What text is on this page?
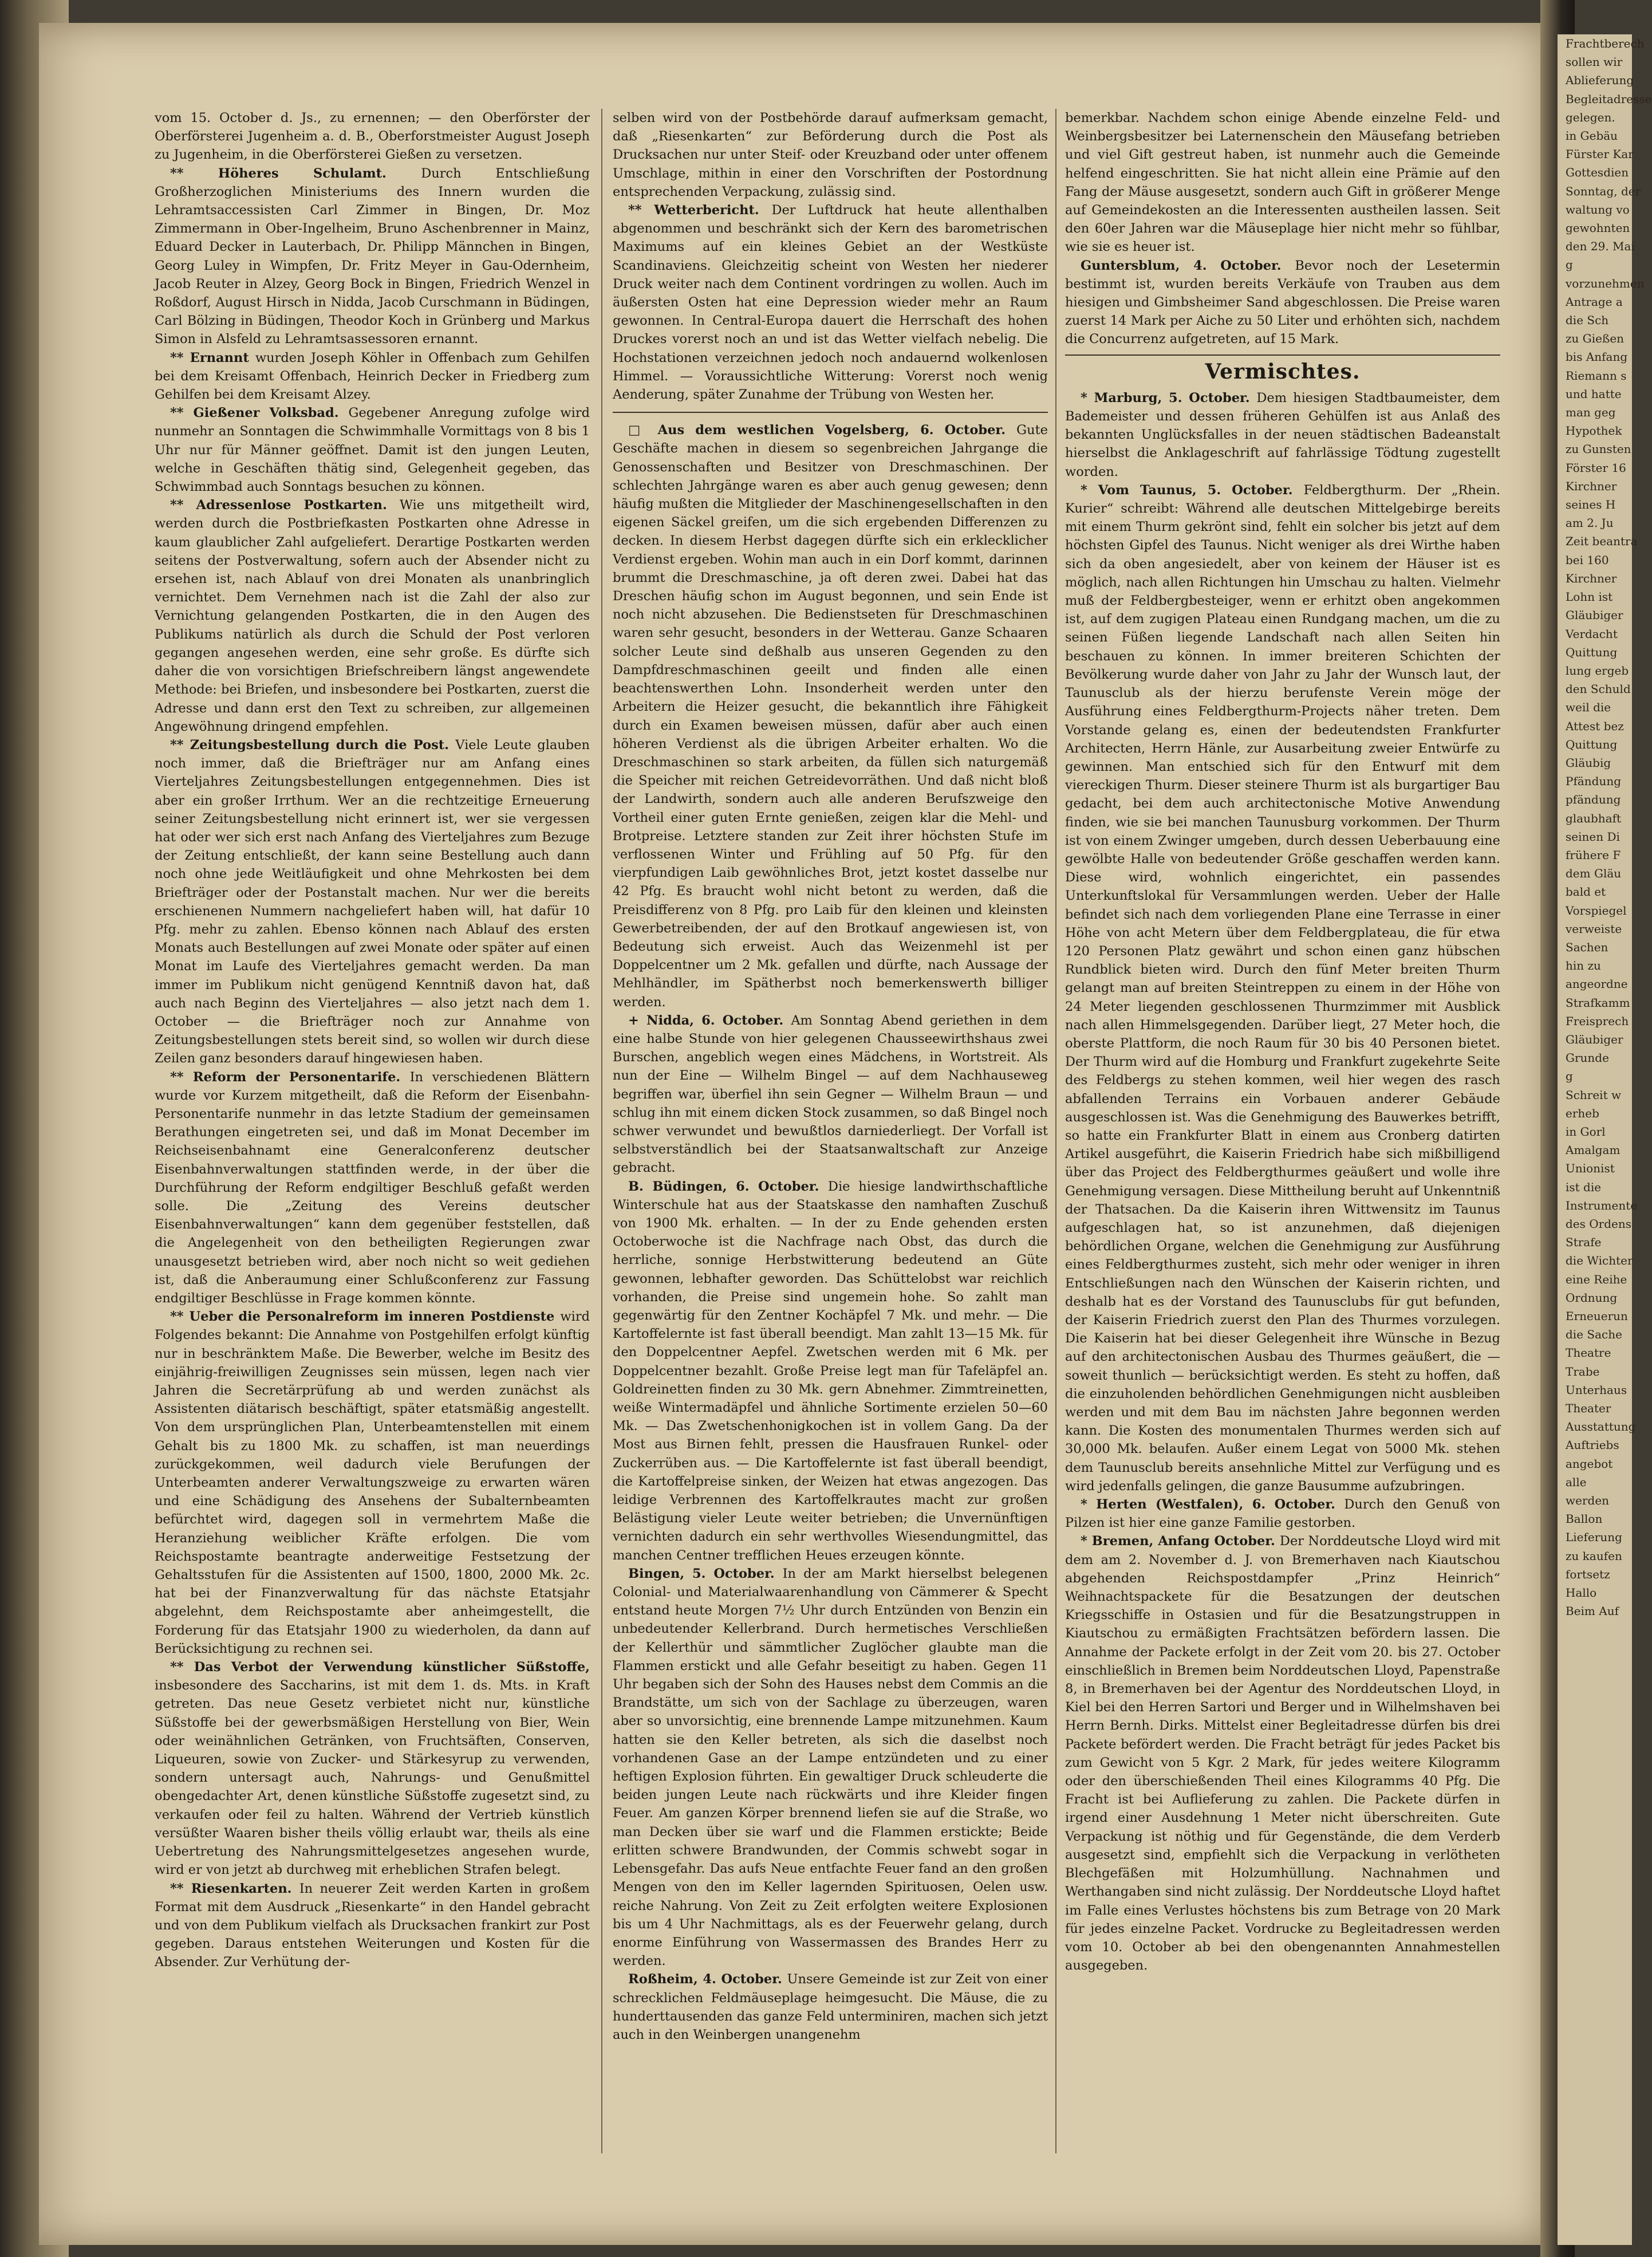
vom 15. October d. Js., zu ernennen; — den Oberförster der Oberförsterei Jugenheim a. d. B., Oberforstmeister August Joseph zu Jugenheim, in die Oberförsterei Gießen zu versetzen.

** Höheres Schulamt. Durch Entschließung Großherzoglichen Ministeriums des Innern wurden die Lehramtsaccessisten Carl Zimmer in Bingen, Dr. Moz Zimmermann in Ober-Ingelheim, Bruno Aschenbrenner in Mainz, Eduard Decker in Lauterbach, Dr. Philipp Männchen in Bingen, Georg Luley in Wimpfen, Dr. Fritz Meyer in Gau-Odernheim, Jacob Reuter in Alzey, Georg Bock in Bingen, Friedrich Wenzel in Roßdorf, August Hirsch in Nidda, Jacob Curschmann in Büdingen, Carl Bölzing in Büdingen, Theodor Koch in Grünberg und Markus Simon in Alsfeld zu Lehramtsassessoren ernannt.

** Ernannt wurden Joseph Köhler in Offenbach zum Gehilfen bei dem Kreisamt Offenbach, Heinrich Decker in Friedberg zum Gehilfen bei dem Kreisamt Alzey.

** Gießener Volksbad. Gegebener Anregung zufolge wird nunmehr an Sonntagen die Schwimmhalle Vormittags von 8 bis 1 Uhr nur für Männer geöffnet. Damit ist den jungen Leuten, welche in Geschäften thätig sind, Gelegenheit gegeben, das Schwimmbad auch Sonntags besuchen zu können.

** Adressenlose Postkarten. Wie uns mitgetheilt wird, werden durch die Postbriefkasten Postkarten ohne Adresse in kaum glaublicher Zahl aufgeliefert. Derartige Postkarten werden seitens der Postverwaltung, sofern auch der Absender nicht zu ersehen ist, nach Ablauf von drei Monaten als unanbringlich vernichtet. Dem Vernehmen nach ist die Zahl der also zur Vernichtung gelangenden Postkarten, die in den Augen des Publikums natürlich als durch die Schuld der Post verloren gegangen angesehen werden, eine sehr große. Es dürfte sich daher die von vorsichtigen Briefschreibern längst angewendete Methode: bei Briefen, und insbesondere bei Postkarten, zuerst die Adresse und dann erst den Text zu schreiben, zur allgemeinen Angewöhnung dringend empfehlen.

** Zeitungsbestellung durch die Post. Viele Leute glauben noch immer, daß die Briefträger nur am Anfang eines Vierteljahres Zeitungsbestellungen entgegennehmen. Dies ist aber ein großer Irrthum. Wer an die rechtzeitige Erneuerung seiner Zeitungsbestellung nicht erinnert ist, wer sie vergessen hat oder wer sich erst nach Anfang des Vierteljahres zum Bezuge der Zeitung entschließt, der kann seine Bestellung auch dann noch ohne jede Weitläufigkeit und ohne Mehrkosten bei dem Briefträger oder der Postanstalt machen. Nur wer die bereits erschienenen Nummern nachgeliefert haben will, hat dafür 10 Pfg. mehr zu zahlen. Ebenso können nach Ablauf des ersten Monats auch Bestellungen auf zwei Monate oder später auf einen Monat im Laufe des Vierteljahres gemacht werden. Da man immer im Publikum nicht genügend Kenntniß davon hat, daß auch nach Beginn des Vierteljahres — also jetzt nach dem 1. October — die Briefträger noch zur Annahme von Zeitungsbestellungen stets bereit sind, so wollen wir durch diese Zeilen ganz besonders darauf hingewiesen haben.

** Reform der Personentarife. In verschiedenen Blättern wurde vor Kurzem mitgetheilt, daß die Reform der Eisenbahn-Personentarife nunmehr in das letzte Stadium der gemeinsamen Berathungen eingetreten sei, und daß im Monat December im Reichseisenbahnamt eine Generalconferenz deutscher Eisenbahnverwaltungen stattfinden werde, in der über die Durchführung der Reform endgiltiger Beschluß gefaßt werden solle. Die „Zeitung des Vereins deutscher Eisenbahnverwaltungen“ kann dem gegenüber feststellen, daß die Angelegenheit von den betheiligten Regierungen zwar unausgesetzt betrieben wird, aber noch nicht so weit gediehen ist, daß die Anberaumung einer Schlußconferenz zur Fassung endgiltiger Beschlüsse in Frage kommen könnte.

** Ueber die Personalreform im inneren Postdienste wird Folgendes bekannt: Die Annahme von Postgehilfen erfolgt künftig nur in beschränktem Maße. Die Bewerber, welche im Besitz des einjährig-freiwilligen Zeugnisses sein müssen, legen nach vier Jahren die Secretärprüfung ab und werden zunächst als Assistenten diätarisch beschäftigt, später etatsmäßig angestellt. Von dem ursprünglichen Plan, Unterbeamtenstellen mit einem Gehalt bis zu 1800 Mk. zu schaffen, ist man neuerdings zurückgekommen, weil dadurch viele Berufungen der Unterbeamten anderer Verwaltungszweige zu erwarten wären und eine Schädigung des Ansehens der Subalternbeamten befürchtet wird, dagegen soll in vermehrtem Maße die Heranziehung weiblicher Kräfte erfolgen. Die vom Reichspostamte beantragte anderweitige Festsetzung der Gehaltsstufen für die Assistenten auf 1500, 1800, 2000 Mk. 2c. hat bei der Finanzverwaltung für das nächste Etatsjahr abgelehnt, dem Reichspostamte aber anheimgestellt, die Forderung für das Etatsjahr 1900 zu wiederholen, da dann auf Berücksichtigung zu rechnen sei.

** Das Verbot der Verwendung künstlicher Süßstoffe, insbesondere des Saccharins, ist mit dem 1. ds. Mts. in Kraft getreten. Das neue Gesetz verbietet nicht nur, künstliche Süßstoffe bei der gewerbsmäßigen Herstellung von Bier, Wein oder weinähnlichen Getränken, von Fruchtsäften, Conserven, Liqueuren, sowie von Zucker- und Stärkesyrup zu verwenden, sondern untersagt auch, Nahrungs- und Genußmittel obengedachter Art, denen künstliche Süßstoffe zugesetzt sind, zu verkaufen oder feil zu halten. Während der Vertrieb künstlich versüßter Waaren bisher theils völlig erlaubt war, theils als eine Uebertretung des Nahrungsmittelgesetzes angesehen wurde, wird er von jetzt ab durchweg mit erheblichen Strafen belegt.

** Riesenkarten. In neuerer Zeit werden Karten in großem Format mit dem Ausdruck „Riesenkarte“ in den Handel gebracht und von dem Publikum vielfach als Drucksachen frankirt zur Post gegeben. Daraus entstehen Weiterungen und Kosten für die Absender. Zur Verhütung der-

selben wird von der Postbehörde darauf aufmerksam gemacht, daß „Riesenkarten“ zur Beförderung durch die Post als Drucksachen nur unter Steif- oder Kreuzband oder unter offenem Umschlage, mithin in einer den Vorschriften der Postordnung entsprechenden Verpackung, zulässig sind.

** Wetterbericht. Der Luftdruck hat heute allenthalben abgenommen und beschränkt sich der Kern des barometrischen Maximums auf ein kleines Gebiet an der Westküste Scandinaviens. Gleichzeitig scheint von Westen her niederer Druck weiter nach dem Continent vordringen zu wollen. Auch im äußersten Osten hat eine Depression wieder mehr an Raum gewonnen. In Central-Europa dauert die Herrschaft des hohen Druckes vorerst noch an und ist das Wetter vielfach nebelig. Die Hochstationen verzeichnen jedoch noch andauernd wolkenlosen Himmel. — Voraussichtliche Witterung: Vorerst noch wenig Aenderung, später Zunahme der Trübung von Westen her.

□ Aus dem westlichen Vogelsberg, 6. October. Gute Geschäfte machen in diesem so segenbreichen Jahrgange die Genossenschaften und Besitzer von Dreschmaschinen. Der schlechten Jahrgänge waren es aber auch genug gewesen; denn häufig mußten die Mitglieder der Maschinengesellschaften in den eigenen Säckel greifen, um die sich ergebenden Differenzen zu decken. In diesem Herbst dagegen dürfte sich ein erklecklicher Verdienst ergeben. Wohin man auch in ein Dorf kommt, darinnen brummt die Dreschmaschine, ja oft deren zwei. Dabei hat das Dreschen häufig schon im August begonnen, und sein Ende ist noch nicht abzusehen. Die Bedienstseten für Dreschmaschinen waren sehr gesucht, besonders in der Wetterau. Ganze Schaaren solcher Leute sind deßhalb aus unseren Gegenden zu den Dampfdreschmaschinen geeilt und finden alle einen beachtenswerthen Lohn. Insonderheit werden unter den Arbeitern die Heizer gesucht, die bekanntlich ihre Fähigkeit durch ein Examen beweisen müssen, dafür aber auch einen höheren Verdienst als die übrigen Arbeiter erhalten. Wo die Dreschmaschinen so stark arbeiten, da füllen sich naturgemäß die Speicher mit reichen Getreidevorräthen. Und daß nicht bloß der Landwirth, sondern auch alle anderen Berufszweige den Vortheil einer guten Ernte genießen, zeigen klar die Mehl- und Brotpreise. Letztere standen zur Zeit ihrer höchsten Stufe im verflossenen Winter und Frühling auf 50 Pfg. für den vierpfundigen Laib gewöhnliches Brot, jetzt kostet dasselbe nur 42 Pfg. Es braucht wohl nicht betont zu werden, daß die Preisdifferenz von 8 Pfg. pro Laib für den kleinen und kleinsten Gewerbetreibenden, der auf den Brotkauf angewiesen ist, von Bedeutung sich erweist. Auch das Weizenmehl ist per Doppelcentner um 2 Mk. gefallen und dürfte, nach Aussage der Mehlhändler, im Spätherbst noch bemerkenswerth billiger werden.

+ Nidda, 6. October. Am Sonntag Abend geriethen in dem eine halbe Stunde von hier gelegenen Chausseewirthshaus zwei Burschen, angeblich wegen eines Mädchens, in Wortstreit. Als nun der Eine — Wilhelm Bingel — auf dem Nachhauseweg begriffen war, überfiel ihn sein Gegner — Wilhelm Braun — und schlug ihn mit einem dicken Stock zusammen, so daß Bingel noch schwer verwundet und bewußtlos darniederliegt. Der Vorfall ist selbstverständlich bei der Staatsanwaltschaft zur Anzeige gebracht.

B. Büdingen, 6. October. Die hiesige landwirthschaftliche Winterschule hat aus der Staatskasse den namhaften Zuschuß von 1900 Mk. erhalten. — In der zu Ende gehenden ersten Octoberwoche ist die Nachfrage nach Obst, das durch die herrliche, sonnige Herbstwitterung bedeutend an Güte gewonnen, lebhafter geworden. Das Schüttelobst war reichlich vorhanden, die Preise sind ungemein hohe. So zahlt man gegenwärtig für den Zentner Kochäpfel 7 Mk. und mehr. — Die Kartoffelernte ist fast überall beendigt. Man zahlt 13—15 Mk. für den Doppelcentner Aepfel. Zwetschen werden mit 6 Mk. per Doppelcentner bezahlt. Große Preise legt man für Tafeläpfel an. Goldreinetten finden zu 30 Mk. gern Abnehmer. Zimmtreinetten, weiße Wintermadäpfel und ähnliche Sortimente erzielen 50—60 Mk. — Das Zwetschenhonigkochen ist in vollem Gang. Da der Most aus Birnen fehlt, pressen die Hausfrauen Runkel- oder Zuckerrüben aus. — Die Kartoffelernte ist fast überall beendigt, die Kartoffelpreise sinken, der Weizen hat etwas angezogen. Das leidige Verbrennen des Kartoffelkrautes macht zur großen Belästigung vieler Leute weiter betrieben; die Unvernünftigen vernichten dadurch ein sehr werthvolles Wiesendungmittel, das manchen Centner trefflichen Heues erzeugen könnte.

Bingen, 5. October. In der am Markt hierselbst belegenen Colonial- und Materialwaarenhandlung von Cämmerer & Specht entstand heute Morgen 7½ Uhr durch Entzünden von Benzin ein unbedeutender Kellerbrand. Durch hermetisches Verschließen der Kellerthür und sämmtlicher Zuglöcher glaubte man die Flammen erstickt und alle Gefahr beseitigt zu haben. Gegen 11 Uhr begaben sich der Sohn des Hauses nebst dem Commis an die Brandstätte, um sich von der Sachlage zu überzeugen, waren aber so unvorsichtig, eine brennende Lampe mitzunehmen. Kaum hatten sie den Keller betreten, als sich die daselbst noch vorhandenen Gase an der Lampe entzündeten und zu einer heftigen Explosion führten. Ein gewaltiger Druck schleuderte die beiden jungen Leute nach rückwärts und ihre Kleider fingen Feuer. Am ganzen Körper brennend liefen sie auf die Straße, wo man Decken über sie warf und die Flammen erstickte; Beide erlitten schwere Brandwunden, der Commis schwebt sogar in Lebensgefahr. Das aufs Neue entfachte Feuer fand an den großen Mengen von den im Keller lagernden Spirituosen, Oelen usw. reiche Nahrung. Von Zeit zu Zeit erfolgten weitere Explosionen bis um 4 Uhr Nachmittags, als es der Feuerwehr gelang, durch enorme Einführung von Wassermassen des Brandes Herr zu werden.

Roßheim, 4. October. Unsere Gemeinde ist zur Zeit von einer schrecklichen Feldmäuseplage heimgesucht. Die Mäuse, die zu hunderttausenden das ganze Feld unterminiren, machen sich jetzt auch in den Weinbergen unangenehm

bemerkbar. Nachdem schon einige Abende einzelne Feld- und Weinbergsbesitzer bei Laternenschein den Mäusefang betrieben und viel Gift gestreut haben, ist nunmehr auch die Gemeinde helfend eingeschritten. Sie hat nicht allein eine Prämie auf den Fang der Mäuse ausgesetzt, sondern auch Gift in größerer Menge auf Gemeindekosten an die Interessenten austheilen lassen. Seit den 60er Jahren war die Mäuseplage hier nicht mehr so fühlbar, wie sie es heuer ist.

Guntersblum, 4. October. Bevor noch der Lesetermin bestimmt ist, wurden bereits Verkäufe von Trauben aus dem hiesigen und Gimbsheimer Sand abgeschlossen. Die Preise waren zuerst 14 Mark per Aiche zu 50 Liter und erhöhten sich, nachdem die Concurrenz aufgetreten, auf 15 Mark.

Vermischtes.

* Marburg, 5. October. Dem hiesigen Stadtbaumeister, dem Bademeister und dessen früheren Gehülfen ist aus Anlaß des bekannten Unglücksfalles in der neuen städtischen Badeanstalt hierselbst die Anklageschrift auf fahrlässige Tödtung zugestellt worden.

* Vom Taunus, 5. October. Feldbergthurm. Der „Rhein. Kurier“ schreibt: Während alle deutschen Mittelgebirge bereits mit einem Thurm gekrönt sind, fehlt ein solcher bis jetzt auf dem höchsten Gipfel des Taunus. Nicht weniger als drei Wirthe haben sich da oben angesiedelt, aber von keinem der Häuser ist es möglich, nach allen Richtungen hin Umschau zu halten. Vielmehr muß der Feldbergbesteiger, wenn er erhitzt oben angekommen ist, auf dem zugigen Plateau einen Rundgang machen, um die zu seinen Füßen liegende Landschaft nach allen Seiten hin beschauen zu können. In immer breiteren Schichten der Bevölkerung wurde daher von Jahr zu Jahr der Wunsch laut, der Taunusclub als der hierzu berufenste Verein möge der Ausführung eines Feldbergthurm-Projects näher treten. Dem Vorstande gelang es, einen der bedeutendsten Frankfurter Architecten, Herrn Hänle, zur Ausarbeitung zweier Entwürfe zu gewinnen. Man entschied sich für den Entwurf mit dem viereckigen Thurm. Dieser steinere Thurm ist als burgartiger Bau gedacht, bei dem auch architectonische Motive Anwendung finden, wie sie bei manchen Taunusburg vorkommen. Der Thurm ist von einem Zwinger umgeben, durch dessen Ueberbauung eine gewölbte Halle von bedeutender Größe geschaffen werden kann. Diese wird, wohnlich eingerichtet, ein passendes Unterkunftslokal für Versammlungen werden. Ueber der Halle befindet sich nach dem vorliegenden Plane eine Terrasse in einer Höhe von acht Metern über dem Feldbergplateau, die für etwa 120 Personen Platz gewährt und schon einen ganz hübschen Rundblick bieten wird. Durch den fünf Meter breiten Thurm gelangt man auf breiten Steintreppen zu einem in der Höhe von 24 Meter liegenden geschlossenen Thurmzimmer mit Ausblick nach allen Himmelsgegenden. Darüber liegt, 27 Meter hoch, die oberste Plattform, die noch Raum für 30 bis 40 Personen bietet. Der Thurm wird auf die Homburg und Frankfurt zugekehrte Seite des Feldbergs zu stehen kommen, weil hier wegen des rasch abfallenden Terrains ein Vorbauen anderer Gebäude ausgeschlossen ist. Was die Genehmigung des Bauwerkes betrifft, so hatte ein Frankfurter Blatt in einem aus Cronberg datirten Artikel ausgeführt, die Kaiserin Friedrich habe sich mißbilligend über das Project des Feldbergthurmes geäußert und wolle ihre Genehmigung versagen. Diese Mittheilung beruht auf Unkenntniß der Thatsachen. Da die Kaiserin ihren Wittwensitz im Taunus aufgeschlagen hat, so ist anzunehmen, daß diejenigen behördlichen Organe, welchen die Genehmigung zur Ausführung eines Feldbergthurmes zusteht, sich mehr oder weniger in ihren Entschließungen nach den Wünschen der Kaiserin richten, und deshalb hat es der Vorstand des Taunusclubs für gut befunden, der Kaiserin Friedrich zuerst den Plan des Thurmes vorzulegen. Die Kaiserin hat bei dieser Gelegenheit ihre Wünsche in Bezug auf den architectonischen Ausbau des Thurmes geäußert, die — soweit thunlich — berücksichtigt werden. Es steht zu hoffen, daß die einzuholenden behördlichen Genehmigungen nicht ausbleiben werden und mit dem Bau im nächsten Jahre begonnen werden kann. Die Kosten des monumentalen Thurmes werden sich auf 30,000 Mk. belaufen. Außer einem Legat von 5000 Mk. stehen dem Taunusclub bereits ansehnliche Mittel zur Verfügung und es wird jedenfalls gelingen, die ganze Bausumme aufzubringen.

* Herten (Westfalen), 6. October. Durch den Genuß von Pilzen ist hier eine ganze Familie gestorben.

* Bremen, Anfang October. Der Norddeutsche Lloyd wird mit dem am 2. November d. J. von Bremerhaven nach Kiautschou abgehenden Reichspostdampfer „Prinz Heinrich“ Weihnachtspackete für die Besatzungen der deutschen Kriegsschiffe in Ostasien und für die Besatzungstruppen in Kiautschou zu ermäßigten Frachtsätzen befördern lassen. Die Annahme der Packete erfolgt in der Zeit vom 20. bis 27. October einschließlich in Bremen beim Norddeutschen Lloyd, Papenstraße 8, in Bremerhaven bei der Agentur des Norddeutschen Lloyd, in Kiel bei den Herren Sartori und Berger und in Wilhelmshaven bei Herrn Bernh. Dirks. Mittelst einer Begleitadresse dürfen bis drei Packete befördert werden. Die Fracht beträgt für jedes Packet bis zum Gewicht von 5 Kgr. 2 Mark, für jedes weitere Kilogramm oder den überschießenden Theil eines Kilogramms 40 Pfg. Die Fracht ist bei Auflieferung zu zahlen. Die Packete dürfen in irgend einer Ausdehnung 1 Meter nicht überschreiten. Gute Verpackung ist nöthig und für Gegenstände, die dem Verderb ausgesetzt sind, empfiehlt sich die Verpackung in verlötheten Blechgefäßen mit Holzumhüllung. Nachnahmen und Werthangaben sind nicht zulässig. Der Norddeutsche Lloyd haftet im Falle eines Verlustes höchstens bis zum Betrage von 20 Mark für jedes einzelne Packet. Vordrucke zu Begleitadressen werden vom 10. October ab bei den obengenannten Annahmestellen ausgegeben.

Frachtberech
sollen wir
Ablieferung
Begleitadresse
gelegen.
in Gebäu
Fürster Kar
Gottesdien
Sonntag, der
waltung vo
gewohnten
den 29. Mai
g
vorzunehmen
Antrage a
die Sch
zu Gießen
bis Anfang
Riemann s
und hatte
man geg
Hypothek
zu Gunsten
Förster 16
Kirchner
seines H
am 2. Ju
Zeit beantra
bei 160
Kirchner
Lohn ist
Gläubiger
Verdacht
Quittung
lung ergeb
den Schuld
weil die
Attest bez
Quittung
Gläubig
Pfändung
pfändung
glaubhaft
seinen Di
frühere F
dem Gläu
bald et
Vorspiegel
verweiste
Sachen
hin zu
angeordne
Strafkamm
Freisprech
Gläubiger
Grunde
g
Schreit w
erheb
in Gorl
Amalgam
Unionist
ist die
Instrumente
des Ordens
Strafe
die Wichter
eine Reihe
Ordnung
Erneuerun
die Sache
Theatre
Trabe
Unterhaus
Theater
Ausstattung
Auftriebs
angebot
alle
werden
Ballon
Lieferung
zu kaufen
fortsetz
Hallo
Beim Auf
